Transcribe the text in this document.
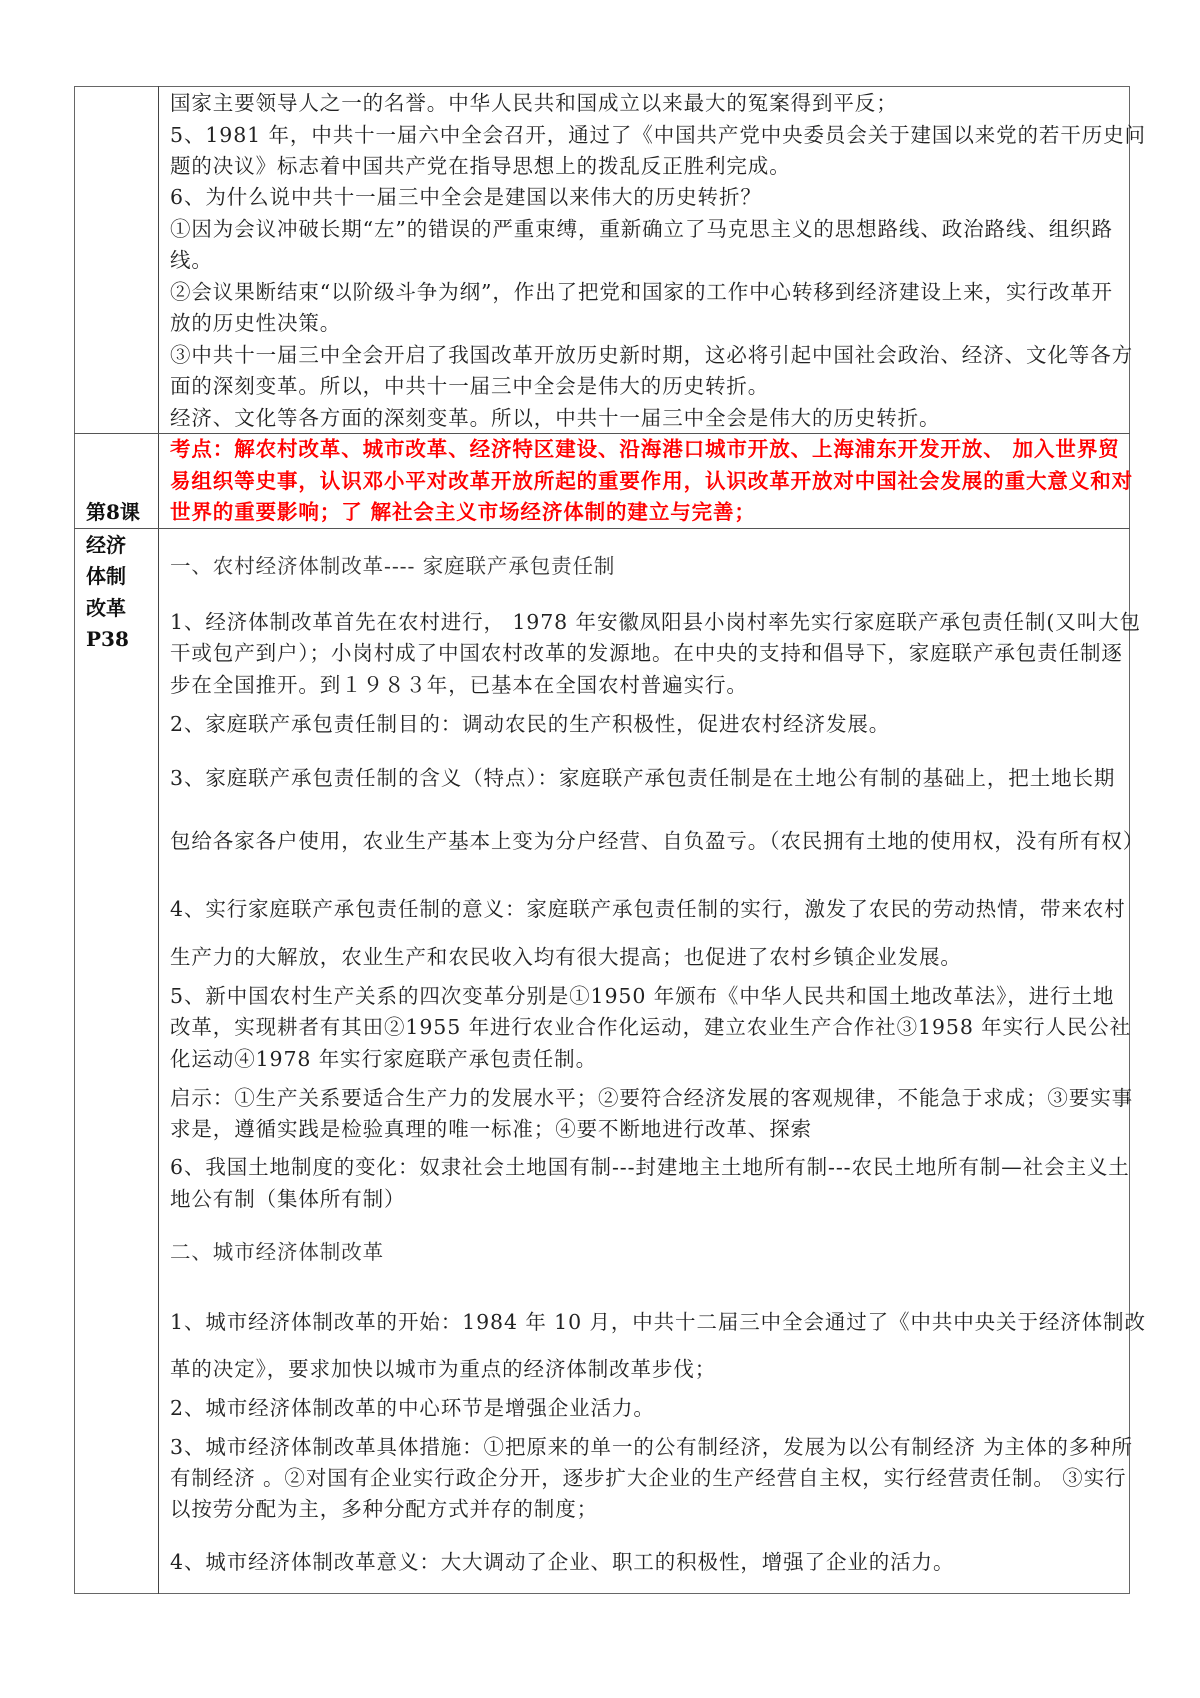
第8课
经济
体制
改革
P38
国家主要领导人之一的名誉。中华人民共和国成立以来最大的冤案得到平反；
5、1981 年，中共十一届六中全会召开，通过了《中国共产党中央委员会关于建国以来党的若干历史问
题的决议》标志着中国共产党在指导思想上的拨乱反正胜利完成。
6、为什么说中共十一届三中全会是建国以来伟大的历史转折？
①因为会议冲破长期“左”的错误的严重束缚，重新确立了马克思主义的思想路线、政治路线、组织路
线。
②会议果断结束“以阶级斗争为纲”，作出了把党和国家的工作中心转移到经济建设上来，实行改革开
放的历史性决策。
③中共十一届三中全会开启了我国改革开放历史新时期，这必将引起中国社会政治、经济、文化等各方
面的深刻变革。所以，中共十一届三中全会是伟大的历史转折。
经济、文化等各方面的深刻变革。所以，中共十一届三中全会是伟大的历史转折。
考点：解农村改革、城市改革、经济特区建设、沿海港口城市开放、上海浦东开发开放、 加入世界贸
易组织等史事，认识邓小平对改革开放所起的重要作用，认识改革开放对中国社会发展的重大意义和对
世界的重要影响；了 解社会主义市场经济体制的建立与完善；
一、农村经济体制改革---- 家庭联产承包责任制
1、经济体制改革首先在农村进行， 1978 年安徽凤阳县小岗村率先实行家庭联产承包责任制(又叫大包
干或包产到户）；小岗村成了中国农村改革的发源地。在中央的支持和倡导下，家庭联产承包责任制逐
步在全国推开。到１９８３年，已基本在全国农村普遍实行。
2、家庭联产承包责任制目的：调动农民的生产积极性，促进农村经济发展。
3、家庭联产承包责任制的含义（特点）：家庭联产承包责任制是在土地公有制的基础上，把土地长期
包给各家各户使用，农业生产基本上变为分户经营、自负盈亏。（农民拥有土地的使用权，没有所有权）
4、实行家庭联产承包责任制的意义：家庭联产承包责任制的实行，激发了农民的劳动热情，带来农村
生产力的大解放，农业生产和农民收入均有很大提高；也促进了农村乡镇企业发展。
5、新中国农村生产关系的四次变革分别是①1950 年颁布《中华人民共和国土地改革法》，进行土地
改革，实现耕者有其田②1955 年进行农业合作化运动，建立农业生产合作社③1958 年实行人民公社
化运动④1978 年实行家庭联产承包责任制。
启示：①生产关系要适合生产力的发展水平；②要符合经济发展的客观规律，不能急于求成；③要实事
求是，遵循实践是检验真理的唯一标准；④要不断地进行改革、探索
6、我国土地制度的变化：奴隶社会土地国有制---封建地主土地所有制---农民土地所有制—社会主义土
地公有制（集体所有制）
二、城市经济体制改革
1、城市经济体制改革的开始：1984 年 10 月，中共十二届三中全会通过了《中共中央关于经济体制改
革的决定》，要求加快以城市为重点的经济体制改革步伐；
2、城市经济体制改革的中心环节是增强企业活力。
3、城市经济体制改革具体措施：①把原来的单一的公有制经济，发展为以公有制经济 为主体的多种所
有制经济 。②对国有企业实行政企分开，逐步扩大企业的生产经营自主权，实行经营责任制。 ③实行
以按劳分配为主，多种分配方式并存的制度；
4、城市经济体制改革意义：大大调动了企业、职工的积极性，增强了企业的活力。
